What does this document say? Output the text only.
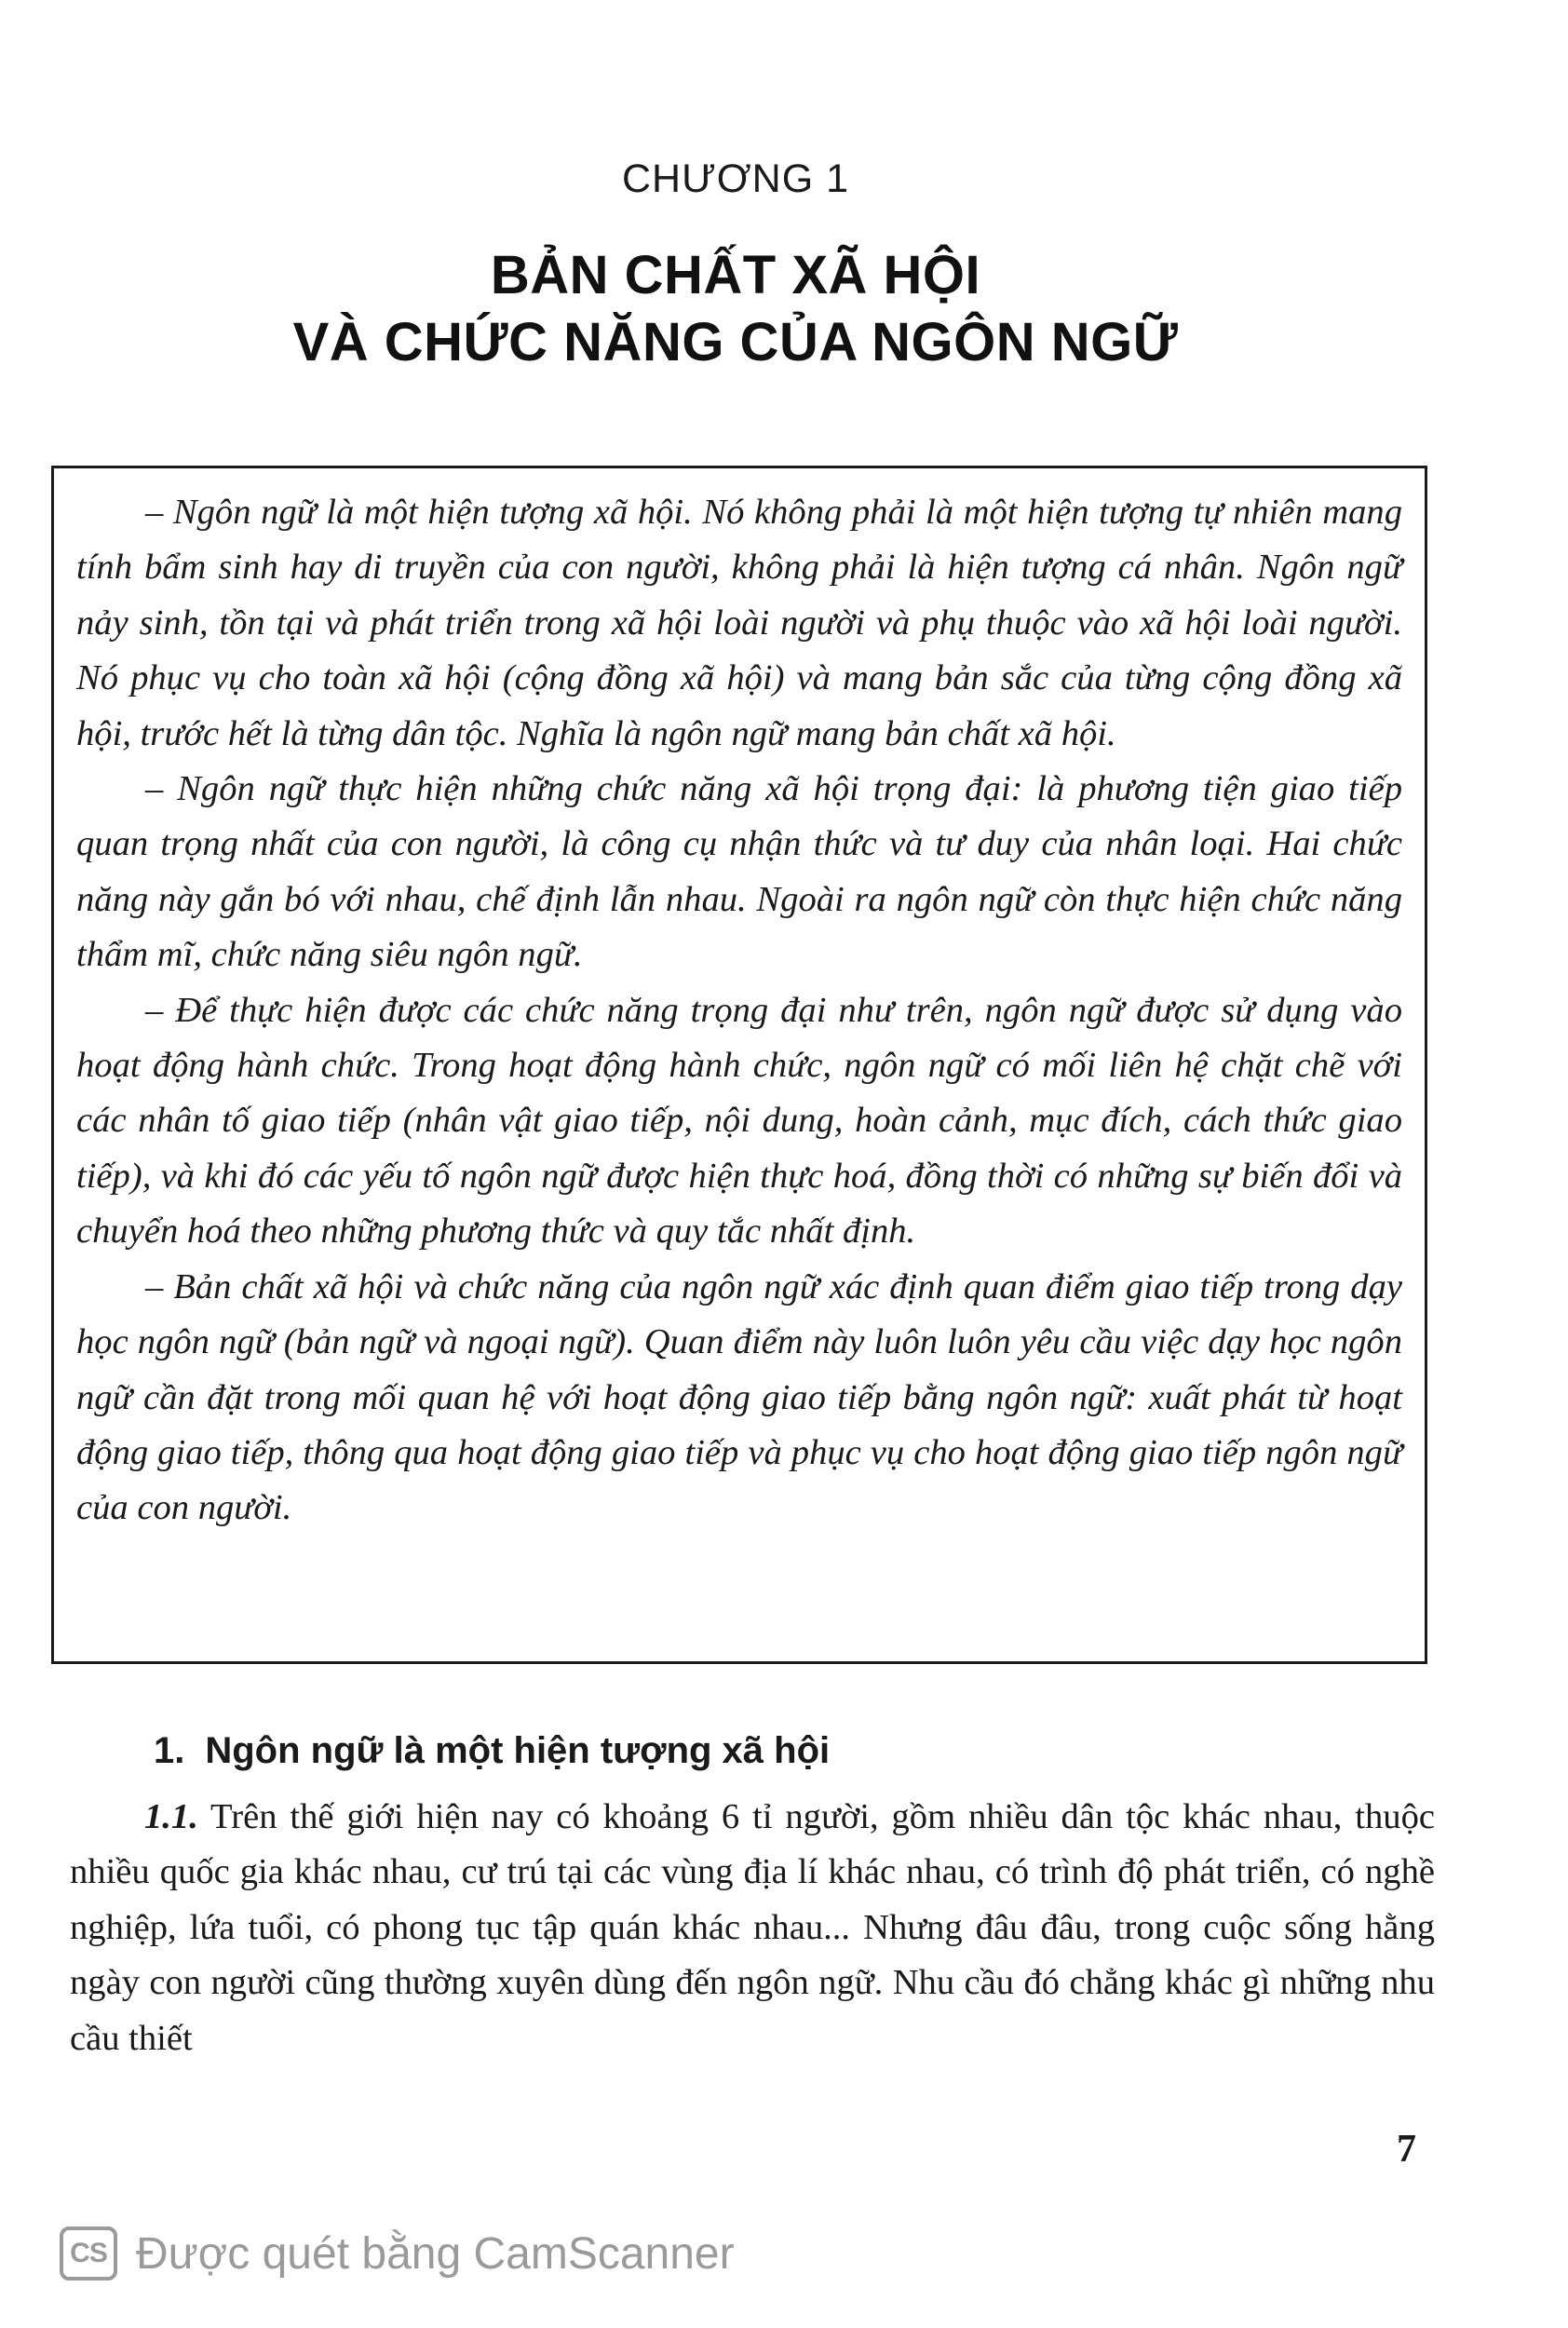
CHƯƠNG 1
BẢN CHẤT XÃ HỘI
VÀ CHỨC NĂNG CỦA NGÔN NGỮ

– Ngôn ngữ là một hiện tượng xã hội. Nó không phải là một hiện tượng tự nhiên mang tính bẩm sinh hay di truyền của con người, không phải là hiện tượng cá nhân. Ngôn ngữ nảy sinh, tồn tại và phát triển trong xã hội loài người và phụ thuộc vào xã hội loài người. Nó phục vụ cho toàn xã hội (cộng đồng xã hội) và mang bản sắc của từng cộng đồng xã hội, trước hết là từng dân tộc. Nghĩa là ngôn ngữ mang bản chất xã hội.

– Ngôn ngữ thực hiện những chức năng xã hội trọng đại: là phương tiện giao tiếp quan trọng nhất của con người, là công cụ nhận thức và tư duy của nhân loại. Hai chức năng này gắn bó với nhau, chế định lẫn nhau. Ngoài ra ngôn ngữ còn thực hiện chức năng thẩm mĩ, chức năng siêu ngôn ngữ.

– Để thực hiện được các chức năng trọng đại như trên, ngôn ngữ được sử dụng vào hoạt động hành chức. Trong hoạt động hành chức, ngôn ngữ có mối liên hệ chặt chẽ với các nhân tố giao tiếp (nhân vật giao tiếp, nội dung, hoàn cảnh, mục đích, cách thức giao tiếp), và khi đó các yếu tố ngôn ngữ được hiện thực hoá, đồng thời có những sự biến đổi và chuyển hoá theo những phương thức và quy tắc nhất định.

– Bản chất xã hội và chức năng của ngôn ngữ xác định quan điểm giao tiếp trong dạy học ngôn ngữ (bản ngữ và ngoại ngữ). Quan điểm này luôn luôn yêu cầu việc dạy học ngôn ngữ cần đặt trong mối quan hệ với hoạt động giao tiếp bằng ngôn ngữ: xuất phát từ hoạt động giao tiếp, thông qua hoạt động giao tiếp và phục vụ cho hoạt động giao tiếp ngôn ngữ của con người.

1. Ngôn ngữ là một hiện tượng xã hội

1.1. Trên thế giới hiện nay có khoảng 6 tỉ người, gồm nhiều dân tộc khác nhau, thuộc nhiều quốc gia khác nhau, cư trú tại các vùng địa lí khác nhau, có trình độ phát triển, có nghề nghiệp, lứa tuổi, có phong tục tập quán khác nhau... Nhưng đâu đâu, trong cuộc sống hằng ngày con người cũng thường xuyên dùng đến ngôn ngữ. Nhu cầu đó chẳng khác gì những nhu cầu thiết

7
CS Được quét bằng CamScanner
